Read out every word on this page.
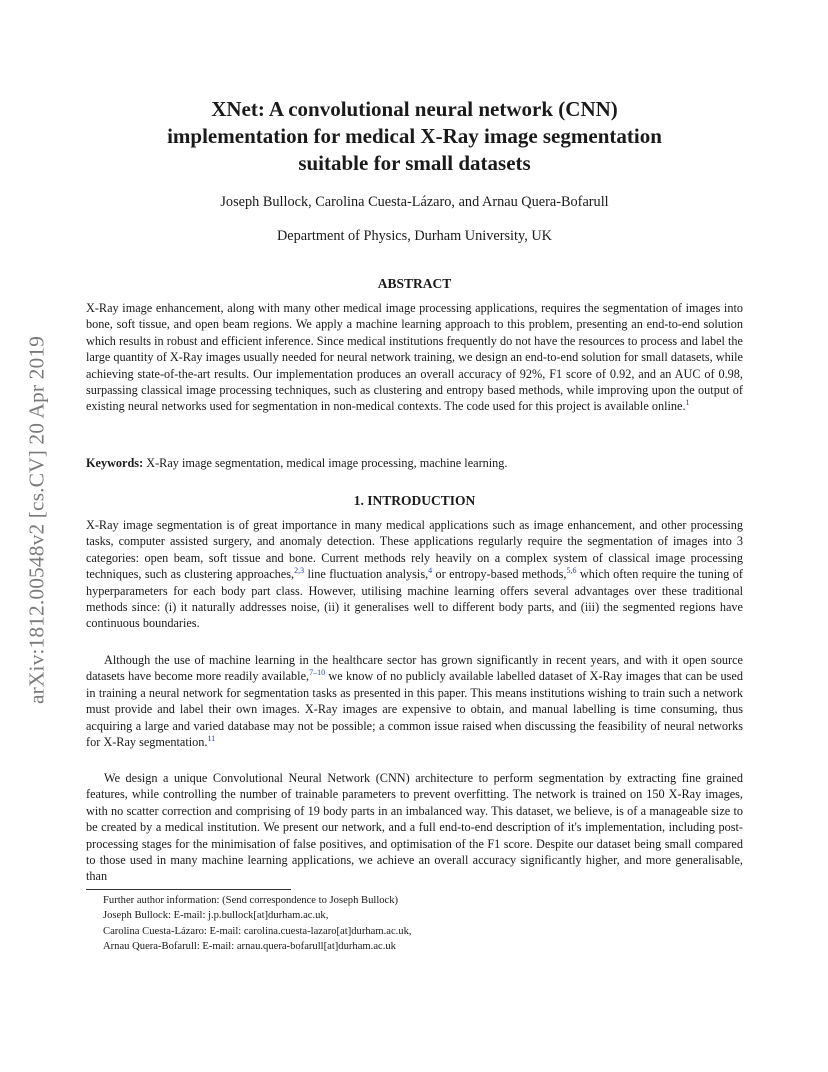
arXiv:1812.00548v2 [cs.CV] 20 Apr 2019
XNet: A convolutional neural network (CNN)
implementation for medical X-Ray image segmentation
suitable for small datasets
Joseph Bullock, Carolina Cuesta-Lázaro, and Arnau Quera-Bofarull
Department of Physics, Durham University, UK
ABSTRACT

X-Ray image enhancement, along with many other medical image processing applications, requires the segmentation of images into bone, soft tissue, and open beam regions. We apply a machine learning approach to this problem, presenting an end-to-end solution which results in robust and efficient inference. Since medical institutions frequently do not have the resources to process and label the large quantity of X-Ray images usually needed for neural network training, we design an end-to-end solution for small datasets, while achieving state-of-the-art results. Our implementation produces an overall accuracy of 92%, F1 score of 0.92, and an AUC of 0.98, surpassing classical image processing techniques, such as clustering and entropy based methods, while improving upon the output of existing neural networks used for segmentation in non-medical contexts. The code used for this project is available online.$^1$

Keywords: X-Ray image segmentation, medical image processing, machine learning.

1. INTRODUCTION

X-Ray image segmentation is of great importance in many medical applications such as image enhancement, and other processing tasks, computer assisted surgery, and anomaly detection. These applications regularly require the segmentation of images into 3 categories: open beam, soft tissue and bone. Current methods rely heavily on a complex system of classical image processing techniques, such as clustering approaches,$^{2,3}$ line fluctuation analysis,$^4$ or entropy-based methods,$^{5,6}$ which often require the tuning of hyperparameters for each body part class. However, utilising machine learning offers several advantages over these traditional methods since: (i) it naturally addresses noise, (ii) it generalises well to different body parts, and (iii) the segmented regions have continuous boundaries.

Although the use of machine learning in the healthcare sector has grown significantly in recent years, and with it open source datasets have become more readily available,$^{7-10}$ we know of no publicly available labelled dataset of X-Ray images that can be used in training a neural network for segmentation tasks as presented in this paper. This means institutions wishing to train such a network must provide and label their own images. X-Ray images are expensive to obtain, and manual labelling is time consuming, thus acquiring a large and varied database may not be possible; a common issue raised when discussing the feasibility of neural networks for X-Ray segmentation.$^{11}$

We design a unique Convolutional Neural Network (CNN) architecture to perform segmentation by extracting fine grained features, while controlling the number of trainable parameters to prevent overfitting. The network is trained on 150 X-Ray images, with no scatter correction and comprising of 19 body parts in an imbalanced way. This dataset, we believe, is of a manageable size to be created by a medical institution. We present our network, and a full end-to-end description of it's implementation, including post-processing stages for the minimisation of false positives, and optimisation of the F1 score. Despite our dataset being small compared to those used in many machine learning applications, we achieve an overall accuracy significantly higher, and more generalisable, than

Further author information: (Send correspondence to Joseph Bullock)
Joseph Bullock: E-mail: j.p.bullock[at]durham.ac.uk,
Carolina Cuesta-Lázaro: E-mail: carolina.cuesta-lazaro[at]durham.ac.uk,
Arnau Quera-Bofarull: E-mail: arnau.quera-bofarull[at]durham.ac.uk
